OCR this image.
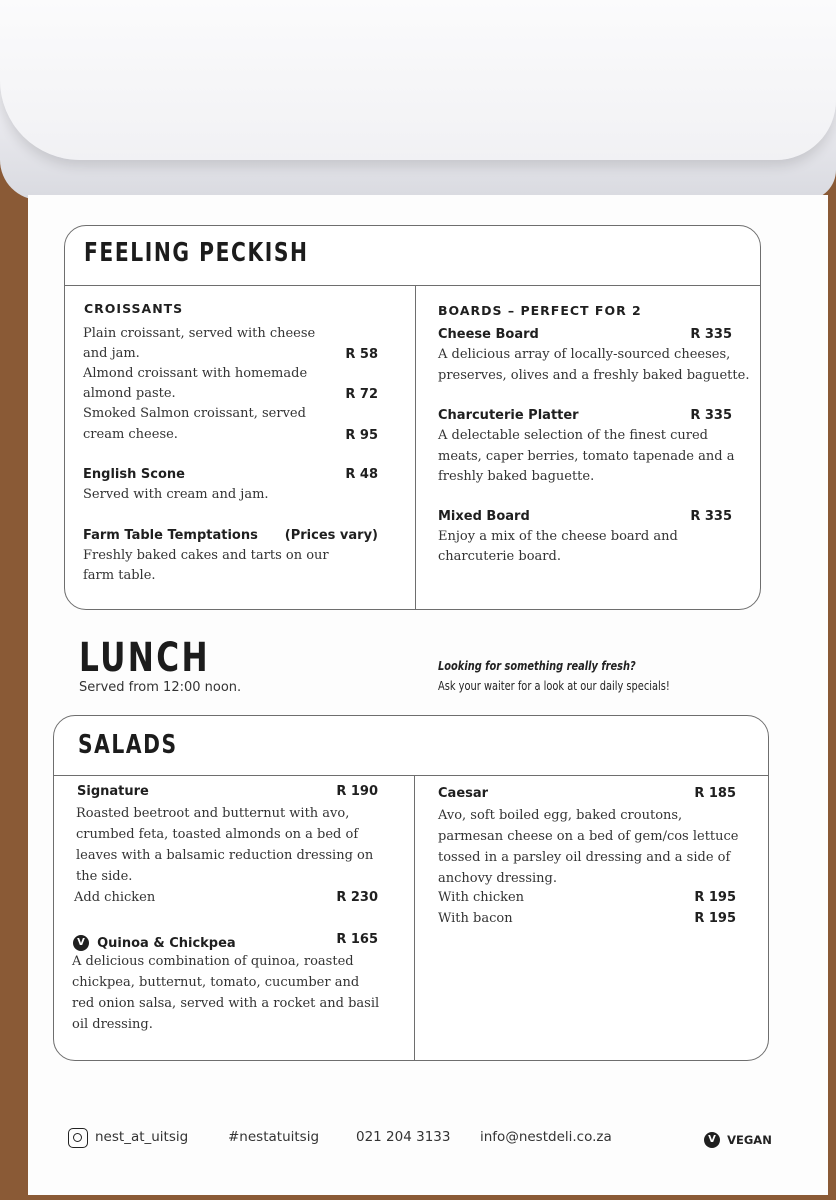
FEELING PECKISH
CROISSANTS
Plain croissant, served with cheese
and jam.	R 58
Almond croissant with homemade
almond paste.	R 72
Smoked Salmon croissant, served
cream cheese.	R 95
English Scone	R 48
Served with cream and jam.
Farm Table Temptations (Prices vary)
Freshly baked cakes and tarts on our
farm table.
BOARDS – PERFECT FOR 2
Cheese Board	R 335
A delicious array of locally-sourced cheeses,
preserves, olives and a freshly baked baguette.
Charcuterie Platter	R 335
A delectable selection of the finest cured
meats, caper berries, tomato tapenade and a
freshly baked baguette.
Mixed Board	R 335
Enjoy a mix of the cheese board and
charcuterie board.
LUNCH
Served from 12:00 noon.
Looking for something really fresh?
Ask your waiter for a look at our daily specials!
SALADS
Signature	R 190
Roasted beetroot and butternut with avo,
crumbed feta, toasted almonds on a bed of
leaves with a balsamic reduction dressing on
the side.
Add chicken	R 230
V Quinoa & Chickpea	R 165
A delicious combination of quinoa, roasted
chickpea, butternut, tomato, cucumber and
red onion salsa, served with a rocket and basil
oil dressing.
Caesar	R 185
Avo, soft boiled egg, baked croutons,
parmesan cheese on a bed of gem/cos lettuce
tossed in a parsley oil dressing and a side of
anchovy dressing.
With chicken	R 195
With bacon	R 195
nest_at_uitsig	#nestatuitsig	021 204 3133 info@nestdeli.co.za	V VEGAN
